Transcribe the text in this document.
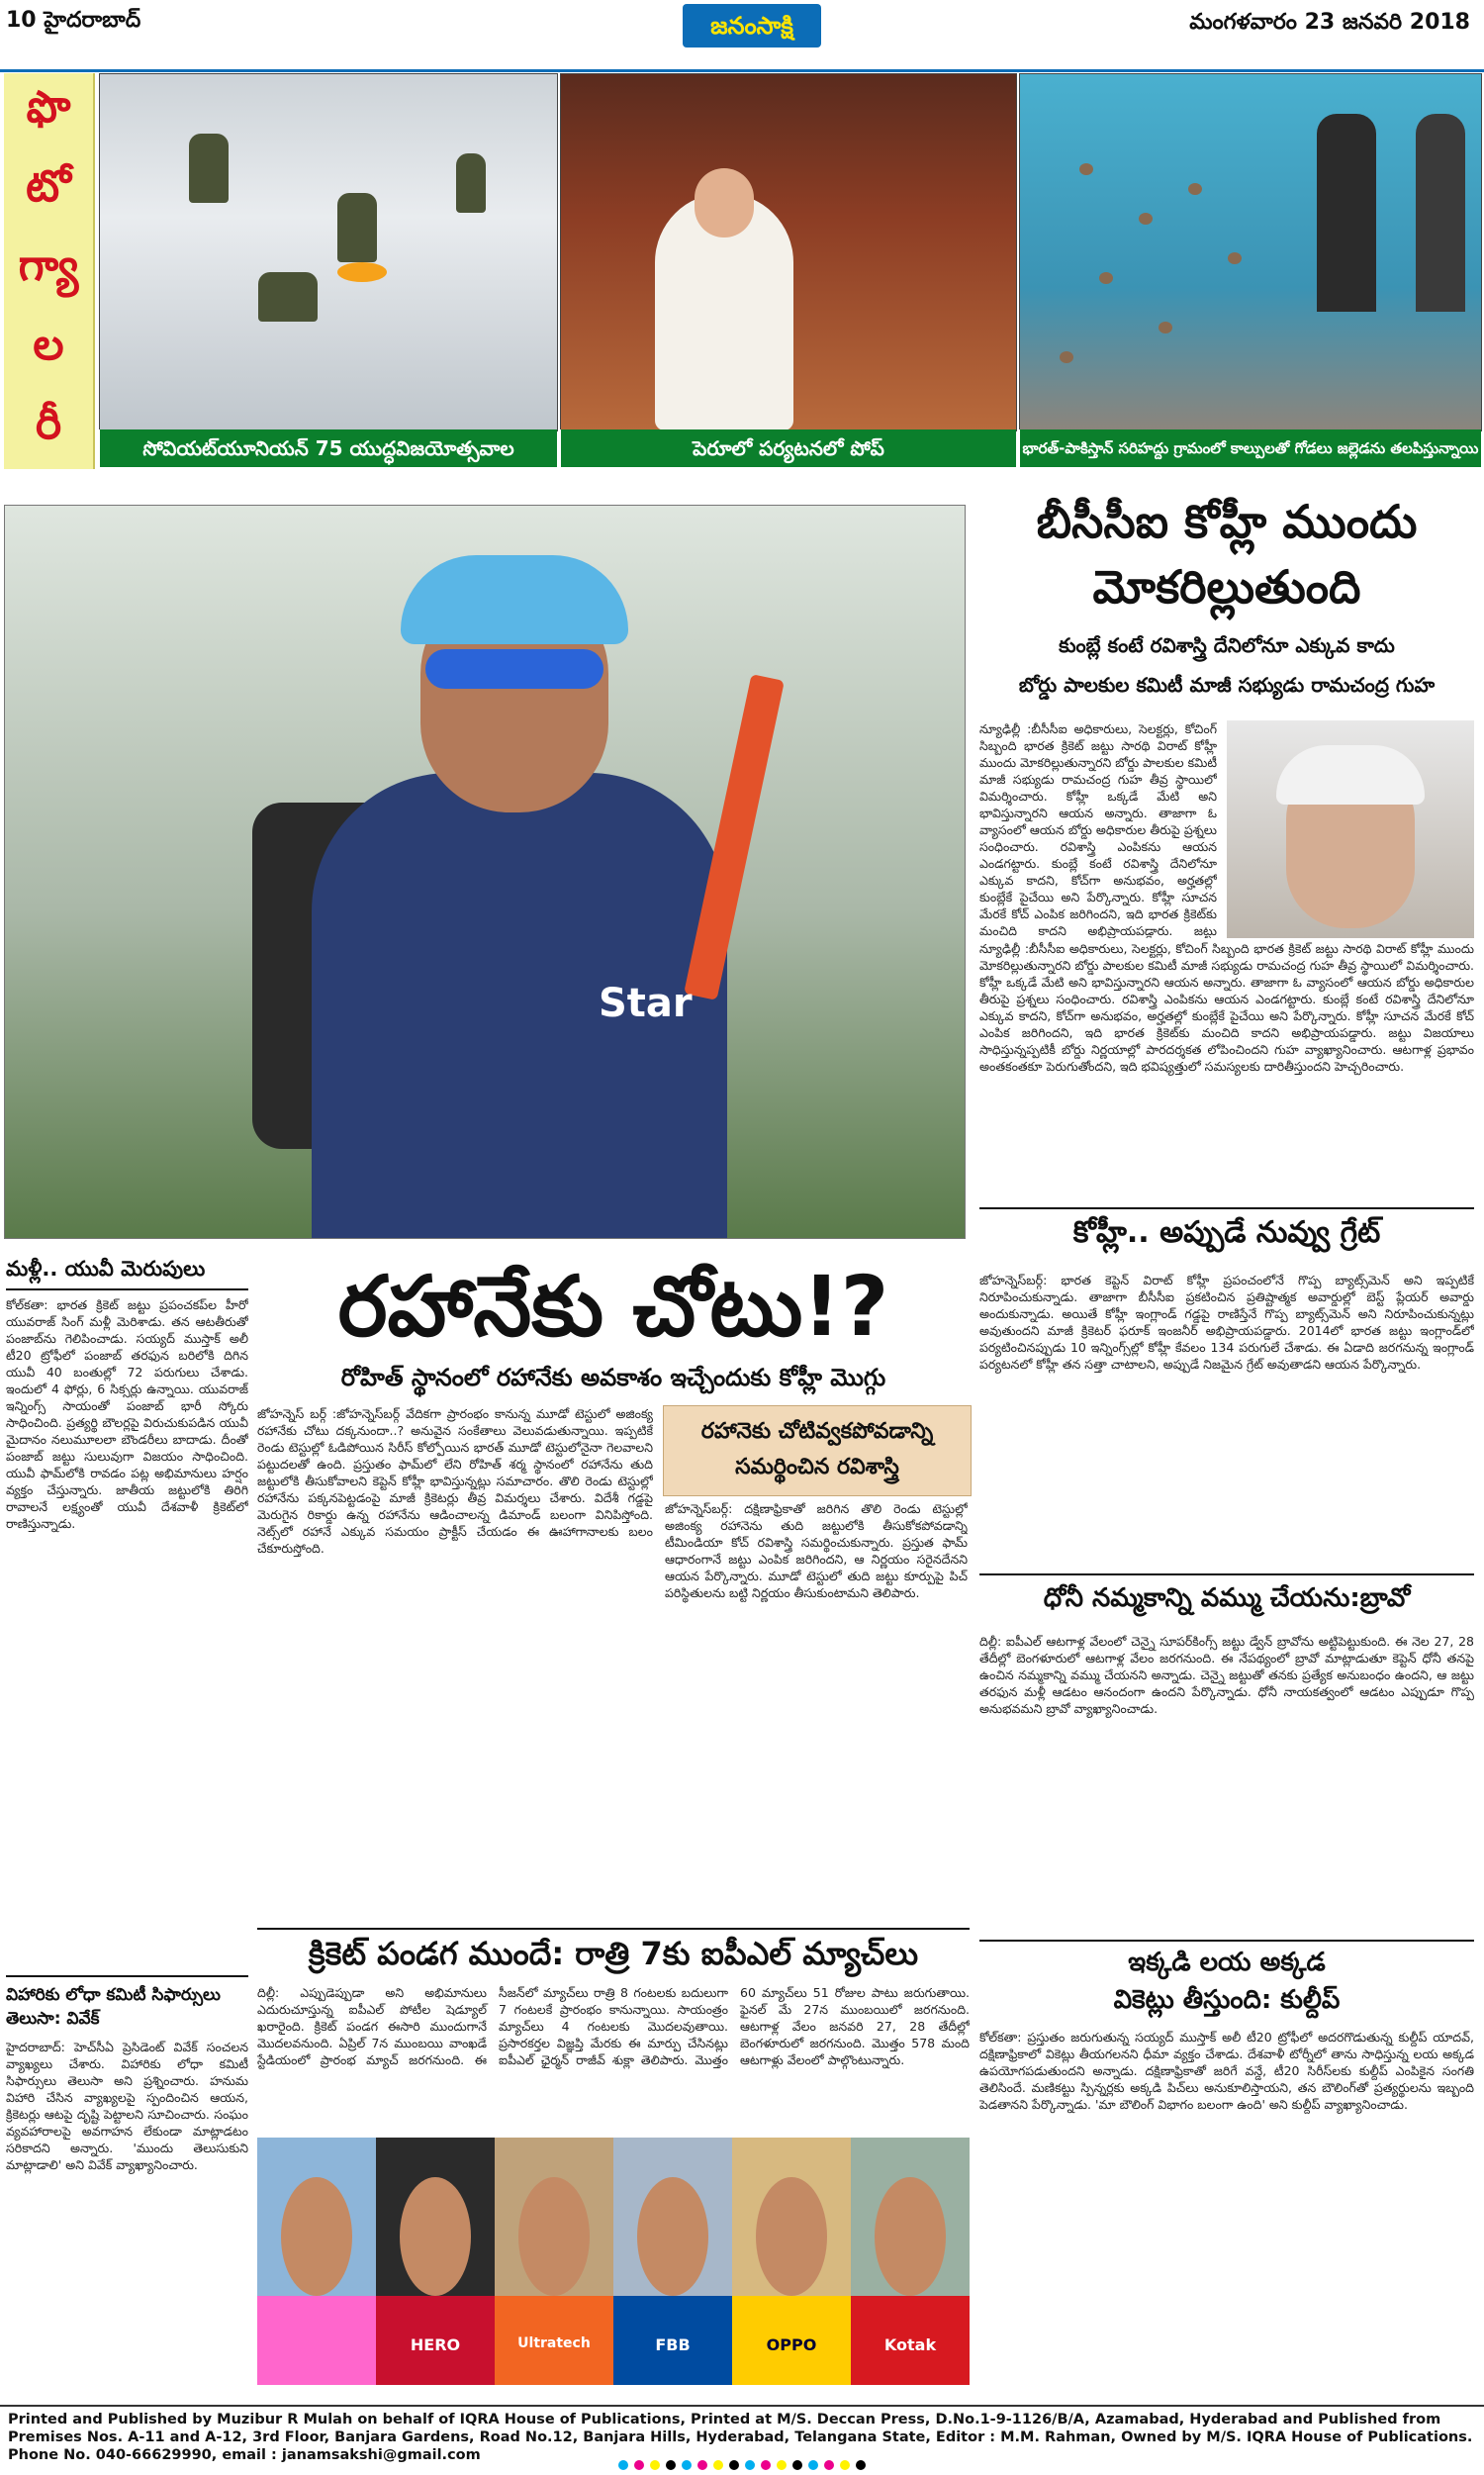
10 హైదరాబాద్	జనంసాక్షి	మంగళవారం 23 జనవరి 2018
ఫొ
టో
గ్యా
ల
రీ	సోవియట్‌యూనియన్ 75 యుద్ధవిజయోత్సవాల విన్యాసాలు
పెరూలో పర్యటనలో పోప్	భారత్-పాకిస్తాన్ సరిహద్దు గ్రామంలో కాల్పులతో గోడలు జల్లెడను తలపిస్తున్నాయి
Star
బీసీసీఐ కోహ్లీ ముందు మోకరిల్లుతుంది
కుంబ్లే కంటే రవిశాస్త్రి దేనిలోనూ ఎక్కువ కాదు
బోర్డు పాలకుల కమిటీ మాజీ సభ్యుడు రామచంద్ర గుహ
న్యూఢిల్లీ :బీసీసీఐ అధికారులు, సెలక్టర్లు, కోచింగ్ సిబ్బంది భారత క్రికెట్ జట్టు సారథి విరాట్ కోహ్లీ ముందు మోకరిల్లుతున్నారని బోర్డు పాలకుల కమిటీ మాజీ సభ్యుడు రామచంద్ర గుహ తీవ్ర స్థాయిలో విమర్శించారు. కోహ్లీ ఒక్కడే మేటి అని భావిస్తున్నారని ఆయన అన్నారు. తాజాగా ఓ వ్యాసంలో ఆయన బోర్డు అధికారుల తీరుపై ప్రశ్నలు సంధించారు. రవిశాస్త్రి ఎంపికను ఆయన ఎండగట్టారు. కుంబ్లే కంటే రవిశాస్త్రి దేనిలోనూ ఎక్కువ కాదని, కోచ్‌గా అనుభవం, అర్హతల్లో కుంబ్లేకే పైచేయి అని పేర్కొన్నారు. కోహ్లీ సూచన మేరకే కోచ్ ఎంపిక జరిగిందని, ఇది భారత క్రికెట్‌కు మంచిది కాదని అభిప్రాయపడ్డారు. జట్టు
న్యూఢిల్లీ :బీసీసీఐ అధికారులు, సెలక్టర్లు, కోచింగ్ సిబ్బంది భారత క్రికెట్ జట్టు సారథి విరాట్ కోహ్లీ ముందు మోకరిల్లుతున్నారని బోర్డు పాలకుల కమిటీ మాజీ సభ్యుడు రామచంద్ర గుహ తీవ్ర స్థాయిలో విమర్శించారు. కోహ్లీ ఒక్కడే మేటి అని భావిస్తున్నారని ఆయన అన్నారు. తాజాగా ఓ వ్యాసంలో ఆయన బోర్డు అధికారుల తీరుపై ప్రశ్నలు సంధించారు. రవిశాస్త్రి ఎంపికను ఆయన ఎండగట్టారు. కుంబ్లే కంటే రవిశాస్త్రి దేనిలోనూ ఎక్కువ కాదని, కోచ్‌గా అనుభవం, అర్హతల్లో కుంబ్లేకే పైచేయి అని పేర్కొన్నారు. కోహ్లీ సూచన మేరకే కోచ్ ఎంపిక జరిగిందని, ఇది భారత క్రికెట్‌కు మంచిది కాదని అభిప్రాయపడ్డారు. జట్టు విజయాలు సాధిస్తున్నప్పటికీ బోర్డు నిర్ణయాల్లో పారదర్శకత లోపించిందని గుహ వ్యాఖ్యానించారు. ఆటగాళ్ల ప్రభావం అంతకంతకూ పెరుగుతోందని, ఇది భవిష్యత్తులో సమస్యలకు దారితీస్తుందని హెచ్చరించారు.
కోహ్లీ.. అప్పుడే నువ్వు గ్రేట్
జోహన్నెస్‌బర్గ్: భారత కెప్టెన్ విరాట్ కోహ్లీ ప్రపంచంలోనే గొప్ప బ్యాట్స్‌మెన్ అని ఇప్పటికే నిరూపించుకున్నాడు. తాజాగా బీసీసీఐ ప్రకటించిన ప్రతిష్టాత్మక అవార్డుల్లో బెస్ట్ ప్లేయర్ అవార్డు అందుకున్నాడు. అయితే కోహ్లీ ఇంగ్లాండ్ గడ్డపై రాణిస్తేనే గొప్ప బ్యాట్స్‌మెన్ అని నిరూపించుకున్నట్లు అవుతుందని మాజీ క్రికెటర్ ఫరూక్ ఇంజనీర్ అభిప్రాయపడ్డారు. 2014లో భారత జట్టు ఇంగ్లాండ్‌లో పర్యటించినప్పుడు 10 ఇన్నింగ్స్‌ల్లో కోహ్లీ కేవలం 134 పరుగులే చేశాడు. ఈ ఏడాది జరగనున్న ఇంగ్లాండ్ పర్యటనలో కోహ్లీ తన సత్తా చాటాలని, అప్పుడే నిజమైన గ్రేట్ అవుతాడని ఆయన పేర్కొన్నారు.
ధోనీ నమ్మకాన్ని వమ్ము చేయను:బ్రావో
దిల్లీ: ఐపీఎల్ ఆటగాళ్ల వేలంలో చెన్నై సూపర్‌కింగ్స్ జట్టు డ్వేన్ బ్రావోను అట్టిపెట్టుకుంది. ఈ నెల 27, 28 తేదీల్లో బెంగళూరులో ఆటగాళ్ల వేలం జరగనుంది. ఈ నేపథ్యంలో బ్రావో మాట్లాడుతూ కెప్టెన్ ధోనీ తనపై ఉంచిన నమ్మకాన్ని వమ్ము చేయనని అన్నాడు. చెన్నై జట్టుతో తనకు ప్రత్యేక అనుబంధం ఉందని, ఆ జట్టు తరఫున మళ్లీ ఆడటం ఆనందంగా ఉందని పేర్కొన్నాడు. ధోనీ నాయకత్వంలో ఆడటం ఎప్పుడూ గొప్ప అనుభవమని బ్రావో వ్యాఖ్యానించాడు.
ఇక్కడి లయ అక్కడ
వికెట్లు తీస్తుంది: కుల్దీప్
కోల్‌కతా: ప్రస్తుతం జరుగుతున్న సయ్యద్ ముస్తాక్ అలీ టీ20 ట్రోఫీలో అదరగొడుతున్న కుల్దీప్ యాదవ్, దక్షిణాఫ్రికాలో వికెట్లు తీయగలనని ధీమా వ్యక్తం చేశాడు. దేశవాళీ టోర్నీలో తాను సాధిస్తున్న లయ అక్కడ ఉపయోగపడుతుందని అన్నాడు. దక్షిణాఫ్రికాతో జరిగే వన్డే, టీ20 సిరీస్‌లకు కుల్దీప్ ఎంపికైన సంగతి తెలిసిందే. మణికట్టు స్పిన్నర్లకు అక్కడి పిచ్‌లు అనుకూలిస్తాయని, తన బౌలింగ్‌తో ప్రత్యర్థులను ఇబ్బంది పెడతానని పేర్కొన్నాడు. 'మా బౌలింగ్ విభాగం బలంగా ఉంది' అని కుల్దీప్ వ్యాఖ్యానించాడు.
మళ్లీ.. యువీ మెరుపులు
కోల్‌కతా: భారత క్రికెట్ జట్టు ప్రపంచకప్‌ల హీరో యువరాజ్ సింగ్ మళ్లీ మెరిశాడు. తన ఆటతీరుతో పంజాబ్‌ను గెలిపించాడు. సయ్యద్ ముస్తాక్ అలీ టీ20 ట్రోఫీలో పంజాబ్ తరఫున బరిలోకి దిగిన యువీ 40 బంతుల్లో 72 పరుగులు చేశాడు. ఇందులో 4 ఫోర్లు, 6 సిక్సర్లు ఉన్నాయి. యువరాజ్ ఇన్నింగ్స్ సాయంతో పంజాబ్ భారీ స్కోరు సాధించింది. ప్రత్యర్థి బౌలర్లపై విరుచుకుపడిన యువీ మైదానం నలుమూలలా బౌండరీలు బాదాడు. దీంతో పంజాబ్ జట్టు సులువుగా విజయం సాధించింది. యువీ ఫామ్‌లోకి రావడం పట్ల అభిమానులు హర్షం వ్యక్తం చేస్తున్నారు. జాతీయ జట్టులోకి తిరిగి రావాలనే లక్ష్యంతో యువీ దేశవాళీ క్రికెట్‌లో రాణిస్తున్నాడు.
విహారికు లోధా కమిటీ సిఫార్సులు తెలుసా: వివేక్
హైదరాబాద్: హెచ్‌సీఏ ప్రెసిడెంట్ వివేక్ సంచలన వ్యాఖ్యలు చేశారు. విహారికు లోధా కమిటీ సిఫార్సులు తెలుసా అని ప్రశ్నించారు. హనుమ విహారి చేసిన వ్యాఖ్యలపై స్పందించిన ఆయన, క్రికెటర్లు ఆటపై దృష్టి పెట్టాలని సూచించారు. సంఘం వ్యవహారాలపై అవగాహన లేకుండా మాట్లాడటం సరికాదని అన్నారు. 'ముందు తెలుసుకుని మాట్లాడాలి' అని వివేక్ వ్యాఖ్యానించారు.
రహానేకు చోటు!?
రోహిత్ స్థానంలో రహానేకు అవకాశం ఇచ్చేందుకు కోహ్లీ మొగ్గు
జోహన్నెస్ బర్గ్ :జోహన్నెస్‌బర్గ్ వేదికగా ప్రారంభం కానున్న మూడో టెస్టులో అజింక్య రహానేకు చోటు దక్కనుందా..? అనువైన సంకేతాలు వెలువడుతున్నాయి. ఇప్పటికే రెండు టెస్టుల్లో ఓడిపోయిన సిరీస్ కోల్పోయిన భారత్ మూడో టెస్టులోనైనా గెలవాలని పట్టుదలతో ఉంది. ప్రస్తుతం ఫామ్‌లో లేని రోహిత్ శర్మ స్థానంలో రహానేను తుది జట్టులోకి తీసుకోవాలని కెప్టెన్ కోహ్లీ భావిస్తున్నట్లు సమాచారం. తొలి రెండు టెస్టుల్లో రహానేను పక్కనపెట్టడంపై మాజీ క్రికెటర్లు తీవ్ర విమర్శలు చేశారు. విదేశీ గడ్డపై మెరుగైన రికార్డు ఉన్న రహానేను ఆడించాలన్న డిమాండ్ బలంగా వినిపిస్తోంది. నెట్స్‌లో రహానే ఎక్కువ సమయం ప్రాక్టీస్ చేయడం ఈ ఊహాగానాలకు బలం చేకూరుస్తోంది.
రహానెకు చోటివ్వకపోవడాన్ని సమర్థించిన రవిశాస్త్రి
జోహన్నెస్‌బర్గ్: దక్షిణాఫ్రికాతో జరిగిన తొలి రెండు టెస్టుల్లో అజింక్య రహానెను తుది జట్టులోకి తీసుకోకపోవడాన్ని టీమిండియా కోచ్ రవిశాస్త్రి సమర్థించుకున్నారు. ప్రస్తుత ఫామ్ ఆధారంగానే జట్టు ఎంపిక జరిగిందని, ఆ నిర్ణయం సరైనదేనని ఆయన పేర్కొన్నారు. మూడో టెస్టులో తుది జట్టు కూర్పుపై పిచ్ పరిస్థితులను బట్టి నిర్ణయం తీసుకుంటామని తెలిపారు.
క్రికెట్ పండగ ముందే: రాత్రి 7కు ఐపీఎల్ మ్యాచ్‌లు
దిల్లీ: ఎప్పుడెప్పుడా అని అభిమానులు ఎదురుచూస్తున్న ఐపీఎల్ పోటీల షెడ్యూల్ ఖరారైంది. క్రికెట్ పండగ ఈసారి ముందుగానే మొదలవనుంది. ఏప్రిల్ 7న ముంబయి వాంఖడే స్టేడియంలో ప్రారంభ మ్యాచ్ జరగనుంది. ఈ సీజన్‌లో మ్యాచ్‌లు రాత్రి 8 గంటలకు బదులుగా 7 గంటలకే ప్రారంభం కానున్నాయి. సాయంత్రం మ్యాచ్‌లు 4 గంటలకు మొదలవుతాయి. ప్రసారకర్తల విజ్ఞప్తి మేరకు ఈ మార్పు చేసినట్లు ఐపీఎల్ ఛైర్మన్ రాజీవ్ శుక్లా తెలిపారు. మొత్తం 60 మ్యాచ్‌లు 51 రోజుల పాటు జరుగుతాయి. ఫైనల్ మే 27న ముంబయిలో జరగనుంది. ఆటగాళ్ల వేలం జనవరి 27, 28 తేదీల్లో బెంగళూరులో జరగనుంది. మొత్తం 578 మంది ఆటగాళ్లు వేలంలో పాల్గొంటున్నారు.
HERO	Ultratech	FBB	OPPO	Kotak
Printed and Published by Muzibur R Mulah on behalf of IQRA House of Publications, Printed at M/S. Deccan Press, D.No.1-9-1126/B/A, Azamabad, Hyderabad and Published from Premises Nos. A-11 and A-12, 3rd Floor, Banjara Gardens, Road No.12, Banjara Hills, Hyderabad, Telangana State, Editor : M.M. Rahman, Owned by M/S. IQRA House of Publications. Phone No. 040-66629990, email : janamsakshi@gmail.com
